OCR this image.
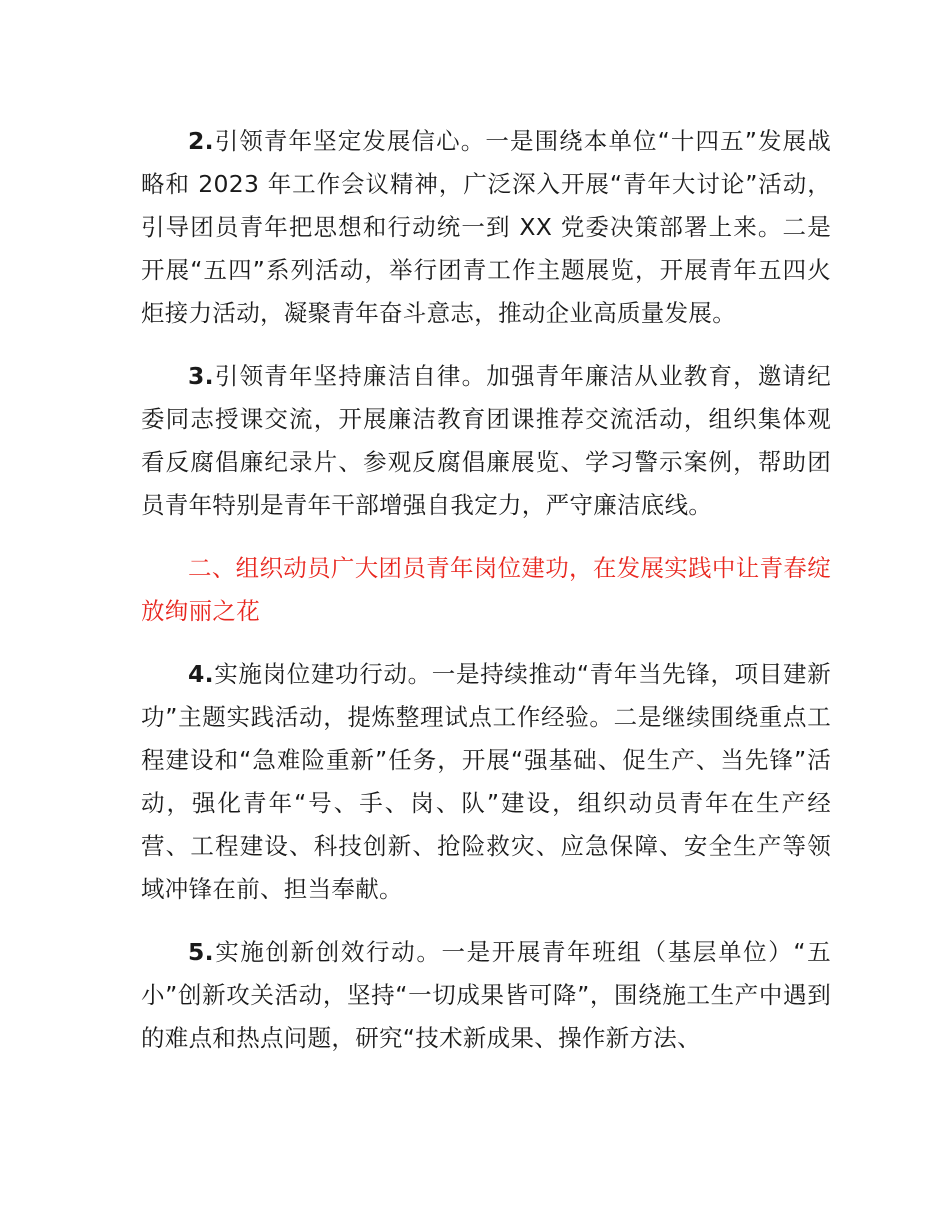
2.引领青年坚定发展信心。一是围绕本单位“十四五”发展战略和 2023 年工作会议精神，广泛深入开展“青年大讨论”活动，引导团员青年把思想和行动统一到 XX 党委决策部署上来。二是开展“五四”系列活动，举行团青工作主题展览，开展青年五四火炬接力活动，凝聚青年奋斗意志，推动企业高质量发展。

3.引领青年坚持廉洁自律。加强青年廉洁从业教育，邀请纪委同志授课交流，开展廉洁教育团课推荐交流活动，组织集体观看反腐倡廉纪录片、参观反腐倡廉展览、学习警示案例，帮助团员青年特别是青年干部增强自我定力，严守廉洁底线。

二、组织动员广大团员青年岗位建功，在发展实践中让青春绽放绚丽之花

4.实施岗位建功行动。一是持续推动“青年当先锋，项目建新功”主题实践活动，提炼整理试点工作经验。二是继续围绕重点工程建设和“急难险重新”任务，开展“强基础、促生产、当先锋”活动，强化青年“号、手、岗、队”建设，组织动员青年在生产经营、工程建设、科技创新、抢险救灾、应急保障、安全生产等领域冲锋在前、担当奉献。

5.实施创新创效行动。一是开展青年班组（基层单位）“五小”创新攻关活动，坚持“一切成果皆可降”，围绕施工生产中遇到的难点和热点问题，研究“技术新成果、操作新方法、
